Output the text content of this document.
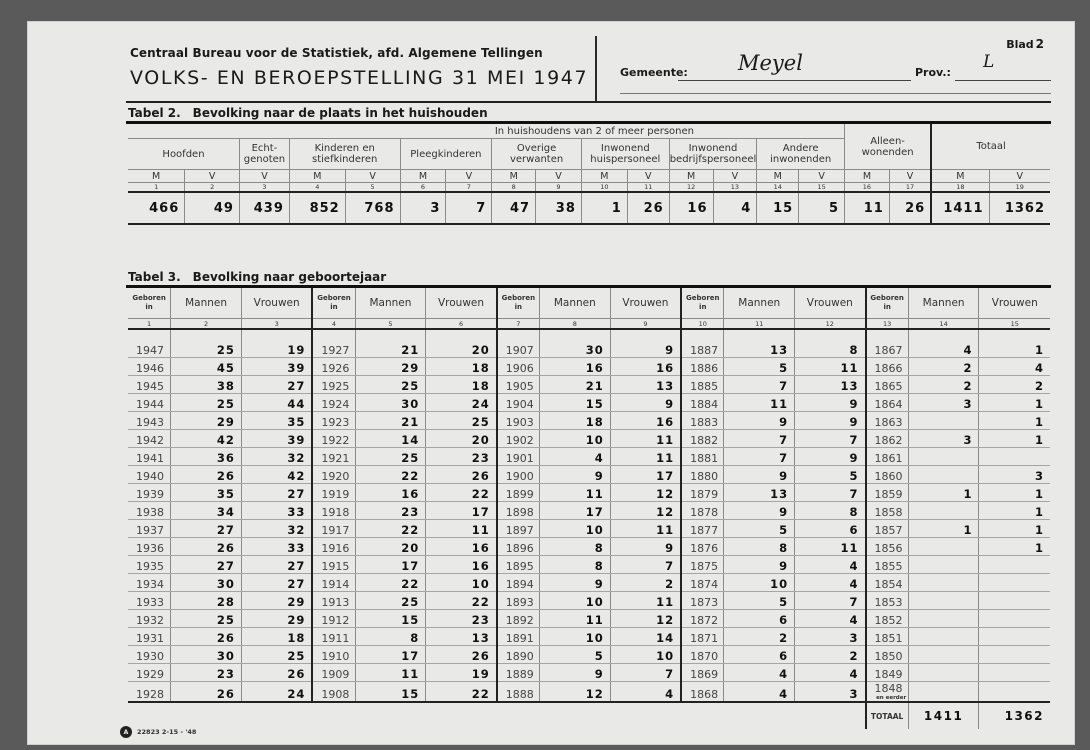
Centraal Bureau voor de Statistiek, afd. Algemene Tellingen
VOLKS- EN BEROEPSTELLING 31 MEI 1947
Blad 2
Gemeente: Meyel	Prov.:
L
Tabel 2. Bevolking naar de plaats in het huishouden
In huishoudens van 2 of meer personen															Alleen-wonenden		Totaal	
Hoofden		Echt-genoten	Kinderen en stiefkinderen		Pleegkinderen		Overige verwanten		Inwonend huispersoneel		Inwonend bedrijfspersoneel		Andere inwonenden					
M	V	V	M	V	M	V	M	V	M	V	M	V	M	V	M	V	M	V
1	2	3	4	5	6	7	8	9	10	11	12	13	14	15	16	17	18	19
466	49	439	852	768	3	7	47	38	1	26	16	4	15	5	11	26	1411	1362
Tabel 3. Bevolking naar geboortejaar
Geboren in	Mannen	Vrouwen	Geboren in	Mannen	Vrouwen	Geboren in	Mannen	Vrouwen	Geboren in	Mannen	Vrouwen	Geboren in	Mannen	Vrouwen
1	2	3	4	5	6	7	8	9	10	11	12	13	14	15

1947	25	19	1927	21	20	1907	30	9	1887	13	8	1867	4	1
1946	45	39	1926	29	18	1906	16	16	1886	5	11	1866	2	4
1945	38	27	1925	25	18	1905	21	13	1885	7	13	1865	2	2
1944	25	44	1924	30	24	1904	15	9	1884	11	9	1864	3	1
1943	29	35	1923	21	25	1903	18	16	1883	9	9	1863		1
1942	42	39	1922	14	20	1902	10	11	1882	7	7	1862	3	1
1941	36	32	1921	25	23	1901	4	11	1881	7	9	1861		
1940	26	42	1920	22	26	1900	9	17	1880	9	5	1860		3
1939	35	27	1919	16	22	1899	11	12	1879	13	7	1859	1	1
1938	34	33	1918	23	17	1898	17	12	1878	9	8	1858		1
1937	27	32	1917	22	11	1897	10	11	1877	5	6	1857	1	1
1936	26	33	1916	20	16	1896	8	9	1876	8	11	1856		1
1935	27	27	1915	17	16	1895	8	7	1875	9	4	1855		
1934	30	27	1914	22	10	1894	9	2	1874	10	4	1854		
1933	28	29	1913	25	22	1893	10	11	1873	5	7	1853		
1932	25	29	1912	15	23	1892	11	12	1872	6	4	1852		
1931	26	18	1911	8	13	1891	10	14	1871	2	3	1851		
1930	30	25	1910	17	26	1890	5	10	1870	6	2	1850		
1929	23	26	1909	11	19	1889	9	7	1869	4	4	1849		
1928	26	24	1908	15	22	1888	12	4	1868	4	3	1848
en eerder		

												TOTAAL	1411	1362
A	22823 2-15 - '48
